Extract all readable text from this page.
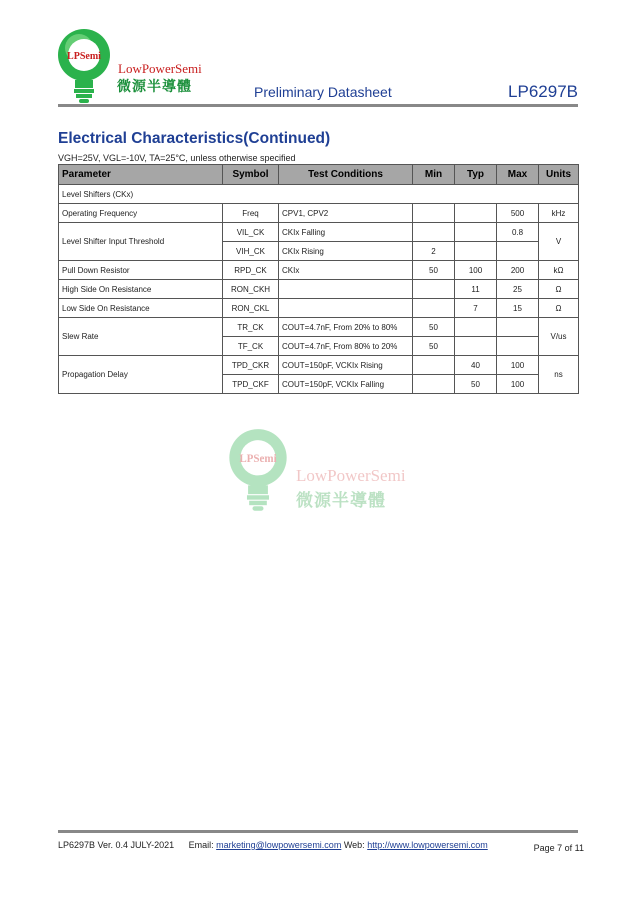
LPSemi
LowPowerSemi
微源半導體	Preliminary Datasheet	LP6297B
Electrical Characteristics(Continued)
VGH=25V, VGL=-10V, TA=25°C, unless otherwise specified
Parameter	Symbol	Test Conditions	Min	Typ	Max	Units
Level Shifters (CKx)						
Operating Frequency	Freq	CPV1, CPV2			500	kHz
Level Shifter Input Threshold	VIL_CK	CKIx Falling			0.8	V
	VIH_CK	CKIx Rising	2			
Pull Down Resistor	RPD_CK	CKIx	50	100	200	kΩ
High Side On Resistance	RON_CKH			11	25	Ω
Low Side On Resistance	RON_CKL			7	15	Ω
Slew Rate	TR_CK	COUT=4.7nF, From 20% to 80%	50			V/us
	TF_CK	COUT=4.7nF, From 80% to 20%	50			
Propagation Delay	TPD_CKR	COUT=150pF, VCKIx Rising		40	100	ns
	TPD_CKF	COUT=150pF, VCKIx Falling		50	100	
LPSemi
LowPowerSemi
微源半導體
LP6297B Ver. 0.4 JULY-2021 Email: marketing@lowpowersemi.com Web: http://www.lowpowersemi.com	Page 7 of 11
